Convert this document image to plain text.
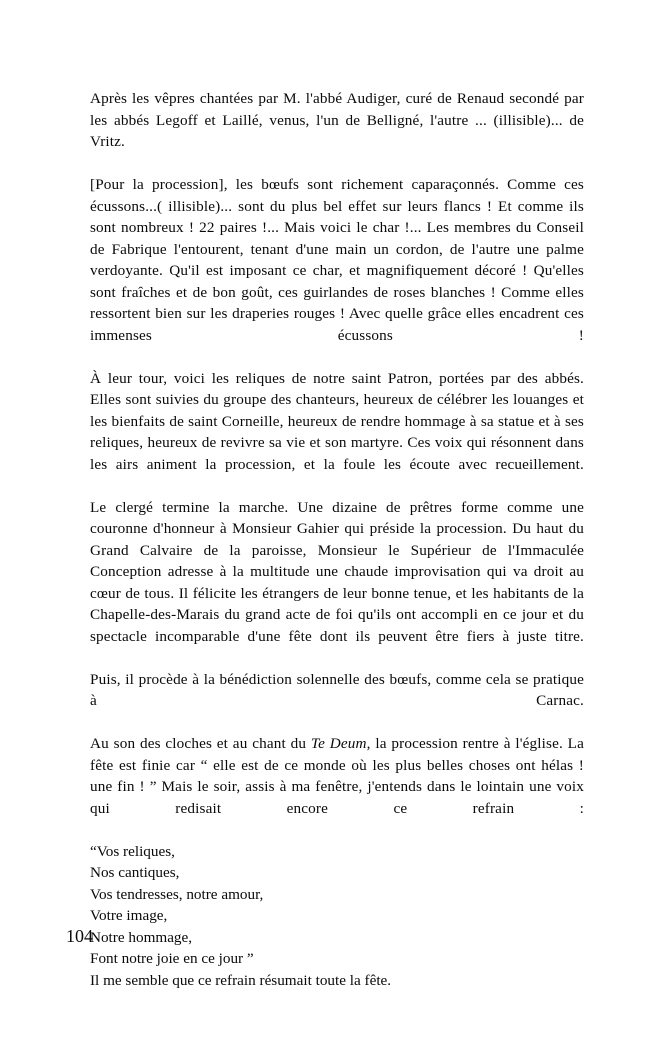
Après les vêpres chantées par M. l'abbé Audiger, curé de Renaud secondé par les abbés Legoff et Laillé, venus, l'un de Belligné, l'autre ... (illisible)... de Vritz.

[Pour la procession], les bœufs sont richement caparaçonnés. Comme ces écussons...( illisible)... sont du plus bel effet sur leurs flancs ! Et comme ils sont nombreux ! 22 paires !... Mais voici le char !... Les membres du Conseil de Fabrique l'entourent, tenant d'une main un cordon, de l'autre une palme verdoyante. Qu'il est imposant ce char, et magnifiquement décoré ! Qu'elles sont fraîches et de bon goût, ces guirlandes de roses blanches ! Comme elles ressortent bien sur les draperies rouges ! Avec quelle grâce elles encadrent ces immenses écussons !

À leur tour, voici les reliques de notre saint Patron, portées par des abbés. Elles sont suivies du groupe des chanteurs, heureux de célébrer les louanges et les bienfaits de saint Corneille, heureux de rendre hommage à sa statue et à ses reliques, heureux de revivre sa vie et son martyre. Ces voix qui résonnent dans les airs animent la procession, et la foule les écoute avec recueillement.

Le clergé termine la marche. Une dizaine de prêtres forme comme une couronne d'honneur à Monsieur Gahier qui préside la procession. Du haut du Grand Calvaire de la paroisse, Monsieur le Supérieur de l'Immaculée Conception adresse à la multitude une chaude improvisation qui va droit au cœur de tous. Il félicite les étrangers de leur bonne tenue, et les habitants de la Chapelle-des-Marais du grand acte de foi qu'ils ont accompli en ce jour et du spectacle incomparable d'une fête dont ils peuvent être fiers à juste titre.

Puis, il procède à la bénédiction solennelle des bœufs, comme cela se pratique à Carnac.

Au son des cloches et au chant du Te Deum, la procession rentre à l'église. La fête est finie car “ elle est de ce monde où les plus belles choses ont hélas ! une fin ! ” Mais le soir, assis à ma fenêtre, j'entends dans le lointain une voix qui redisait encore ce refrain :

“Vos reliques,

Nos cantiques,

Vos tendresses, notre amour,

Votre image,

Notre hommage,

Font notre joie en ce jour ”

Il me semble que ce refrain résumait toute la fête.

104
